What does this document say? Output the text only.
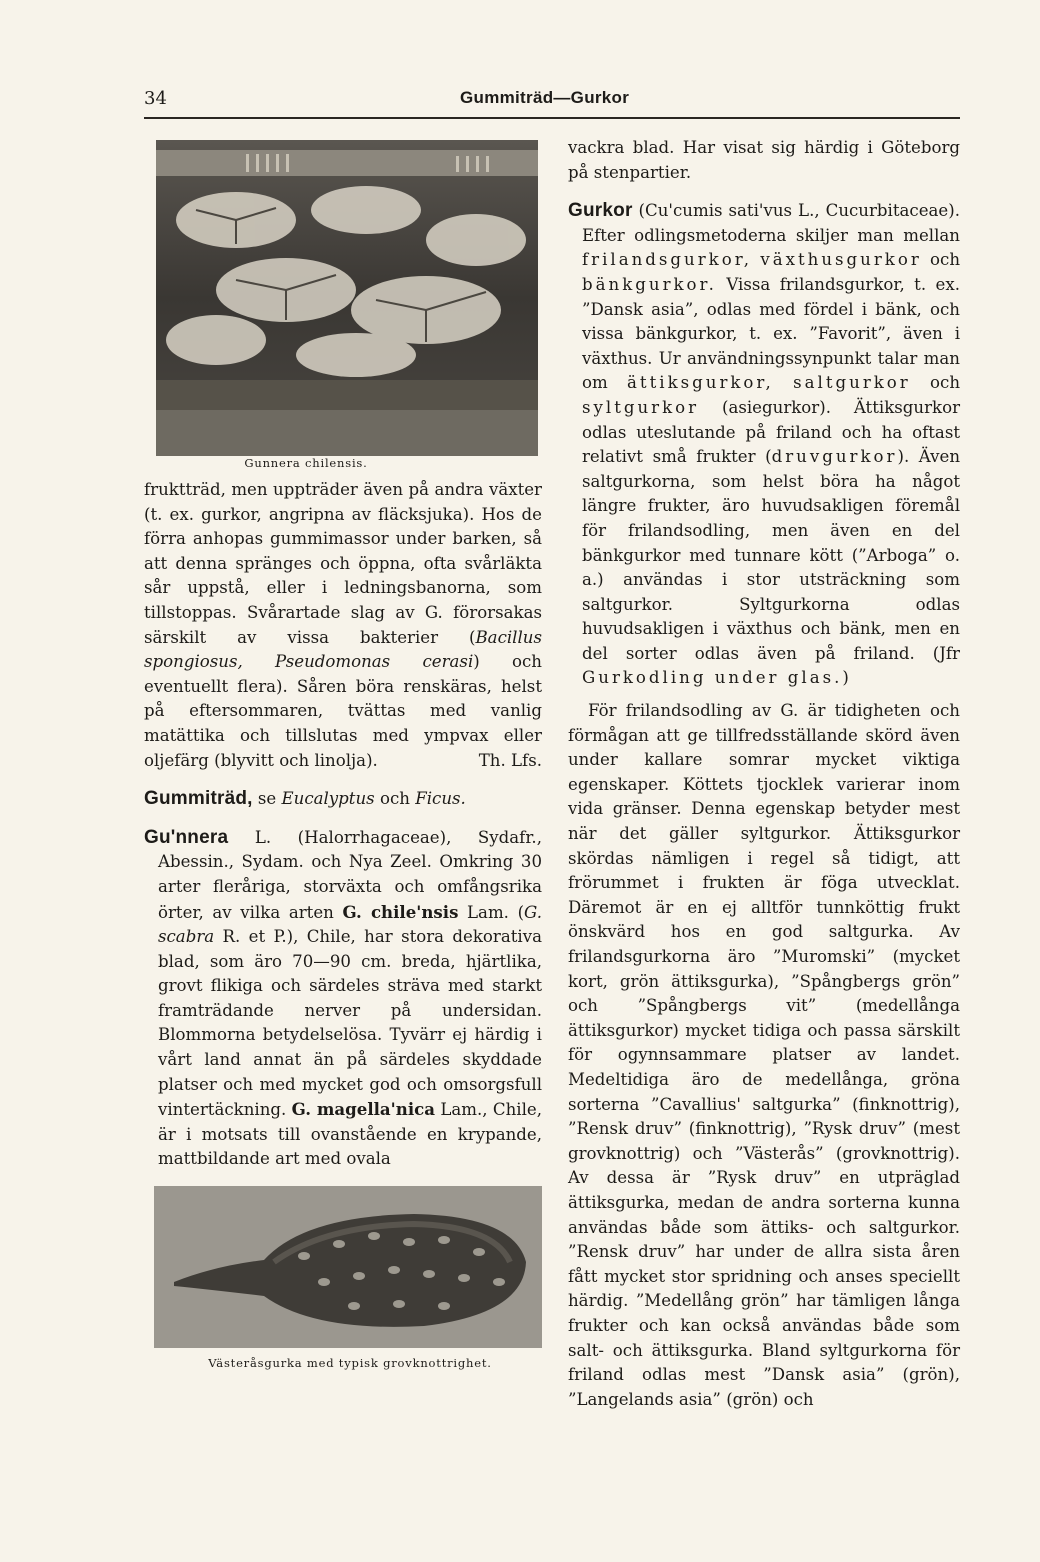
34	Gummiträd—Gurkor
Gunnera chilensis.

fruktträd, men uppträder även på andra växter (t. ex. gurkor, angripna av fläcksjuka). Hos de förra anhopas gummimassor under barken, så att denna spränges och öppna, ofta svårläkta sår uppstå, eller i ledningsbanorna, som tillstoppas. Svårartade slag av G. förorsakas särskilt av vissa bakterier (Bacillus spongiosus, Pseudomonas cerasi) och eventuellt flera). Såren böra renskäras, helst på eftersommaren, tvättas med vanlig matättika och tillslutas med ympvax eller oljefärg (blyvitt och linolja).	Th. Lfs.

Gummiträd, se Eucalyptus och Ficus.

Gu'nnera L. (Halorrhagaceae), Sydafr., Abessin., Sydam. och Nya Zeel. Omkring 30 arter fleråriga, storväxta och omfångsrika örter, av vilka arten G. chile'nsis Lam. (G. scabra R. et P.), Chile, har stora dekorativa blad, som äro 70—90 cm. breda, hjärtlika, grovt flikiga och särdeles sträva med starkt framträdande nerver på undersidan. Blommorna betydelselösa. Tyvärr ej härdig i vårt land annat än på särdeles skyddade platser och med mycket god och omsorgsfull vintertäckning. G. magella'nica Lam., Chile, är i motsats till ovanstående en krypande, mattbildande art med ovala

Västeråsgurka med typisk grovknottrighet.

vackra blad. Har visat sig härdig i Göteborg på stenpartier.

Gurkor (Cu'cumis sati'vus L., Cucurbitaceae). Efter odlingsmetoderna skiljer man mellan frilandsgurkor, växthusgurkor och bänkgurkor. Vissa frilandsgurkor, t. ex. ”Dansk asia”, odlas med fördel i bänk, och vissa bänkgurkor, t. ex. ”Favorit”, även i växthus. Ur användningssynpunkt talar man om ättiksgurkor, saltgurkor och syltgurkor (asiegurkor). Ättiksgurkor odlas uteslutande på friland och ha oftast relativt små frukter (druvgurkor). Även saltgurkorna, som helst böra ha något längre frukter, äro huvudsakligen föremål för frilandsodling, men även en del bänkgurkor med tunnare kött (”Arboga” o. a.) användas i stor utsträckning som saltgurkor. Syltgurkorna odlas huvudsakligen i växthus och bänk, men en del sorter odlas även på friland. (Jfr Gurkodling under glas.)

För frilandsodling av G. är tidigheten och förmågan att ge tillfredsställande skörd även under kallare somrar mycket viktiga egenskaper. Köttets tjocklek varierar inom vida gränser. Denna egenskap betyder mest när det gäller syltgurkor. Ättiksgurkor skördas nämligen i regel så tidigt, att frörummet i frukten är föga utvecklat. Däremot är en ej alltför tunnköttig frukt önskvärd hos en god saltgurka. Av frilandsgurkorna äro ”Muromski” (mycket kort, grön ättiksgurka), ”Spångbergs grön” och ”Spångbergs vit” (medellånga ättiksgurkor) mycket tidiga och passa särskilt för ogynnsammare platser av landet. Medeltidiga äro de medellånga, gröna sorterna ”Cavallius' saltgurka” (finknottrig), ”Rensk druv” (finknottrig), ”Rysk druv” (mest grovknottrig) och ”Västerås” (grovknottrig). Av dessa är ”Rysk druv” en utpräglad ättiksgurka, medan de andra sorterna kunna användas både som ättiks- och saltgurkor. ”Rensk druv” har under de allra sista åren fått mycket stor spridning och anses speciellt härdig. ”Medellång grön” har tämligen långa frukter och kan också användas både som salt- och ättiksgurka. Bland syltgurkorna för friland odlas mest ”Dansk asia” (grön), ”Langelands asia” (grön) och
